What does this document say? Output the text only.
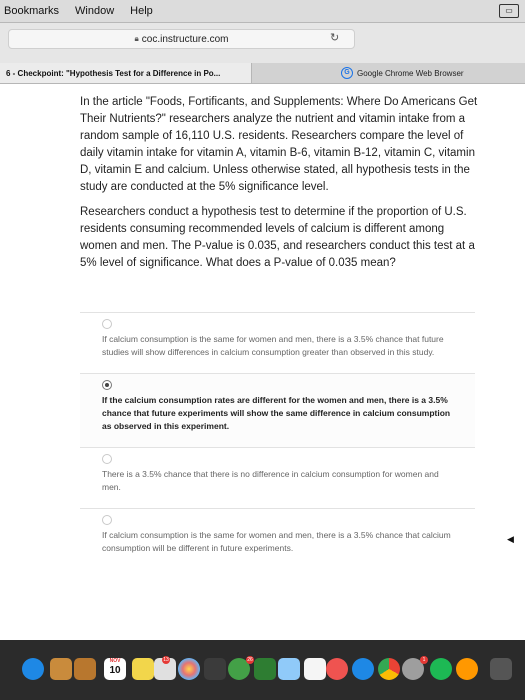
Bookmarks	Window	Help	▭
🔒︎ coc.instructure.com	↻
6 - Checkpoint: "Hypothesis Test for a Difference in Po...	G Google Chrome Web Browser

In the article "Foods, Fortificants, and Supplements: Where Do Americans Get Their Nutrients?" researchers analyze the nutrient and vitamin intake from a random sample of 16,110 U.S. residents. Researchers compare the level of daily vitamin intake for vitamin A, vitamin B-6, vitamin B-12, vitamin C, vitamin D, vitamin E and calcium. Unless otherwise stated, all hypothesis tests in the study are conducted at the 5% significance level.

Researchers conduct a hypothesis test to determine if the proportion of U.S. residents consuming recommended levels of calcium is different among women and men. The P-value is 0.035, and researchers conduct this test at a 5% level of significance. What does a P-value of 0.035 mean?

If calcium consumption is the same for women and men, there is a 3.5% chance that future studies will show differences in calcium consumption greater than observed in this study.
If the calcium consumption rates are different for the women and men, there is a 3.5% chance that future experiments will show the same difference in calcium consumption as observed in this experiment.
There is a 3.5% chance that there is no difference in calcium consumption for women and men.
If calcium consumption is the same for women and men, there is a 3.5% chance that calcium consumption will be different in future experiments.
◀
NOV
10
13	26	1
